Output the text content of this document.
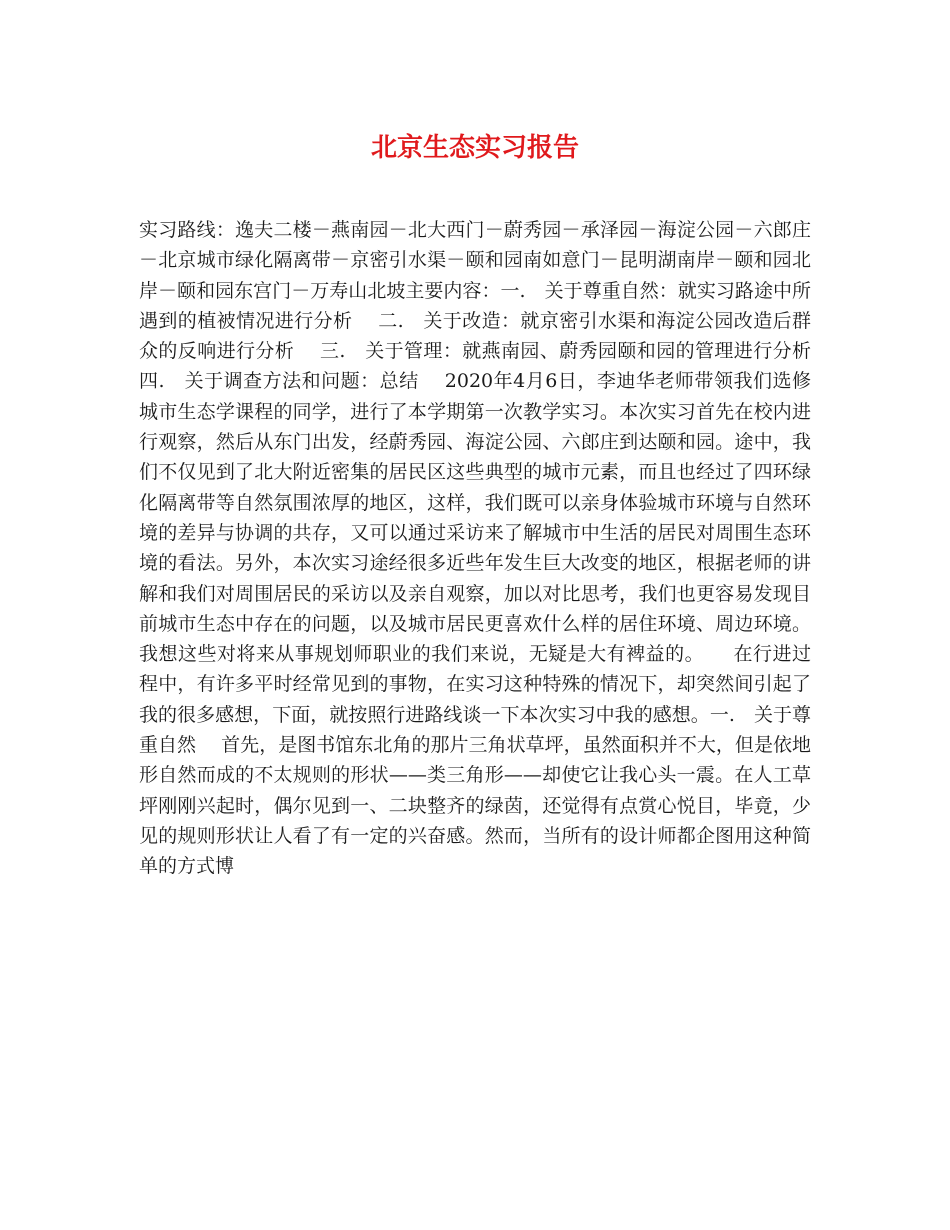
北京生态实习报告

实习路线：逸夫二楼－燕南园－北大西门－蔚秀园－承泽园－海淀公园－六郎庄－北京城市绿化隔离带－京密引水渠－颐和园南如意门－昆明湖南岸－颐和园北岸－颐和园东宫门－万寿山北坡主要内容：一.　关于尊重自然：就实习路途中所遇到的植被情况进行分析　 二.　关于改造：就京密引水渠和海淀公园改造后群众的反响进行分析　 三.　关于管理：就燕南园、蔚秀园颐和园的管理进行分析　 四.　关于调查方法和问题：总结　 2020年4月6日，李迪华老师带领我们选修城市生态学课程的同学，进行了本学期第一次教学实习。本次实习首先在校内进行观察，然后从东门出发，经蔚秀园、海淀公园、六郎庄到达颐和园。途中，我们不仅见到了北大附近密集的居民区这些典型的城市元素，而且也经过了四环绿化隔离带等自然氛围浓厚的地区，这样，我们既可以亲身体验城市环境与自然环境的差异与协调的共存，又可以通过采访来了解城市中生活的居民对周围生态环境的看法。另外，本次实习途经很多近些年发生巨大改变的地区，根据老师的讲解和我们对周围居民的采访以及亲自观察，加以对比思考，我们也更容易发现目前城市生态中存在的问题，以及城市居民更喜欢什么样的居住环境、周边环境。我想这些对将来从事规划师职业的我们来说，无疑是大有裨益的。　　在行进过程中，有许多平时经常见到的事物，在实习这种特殊的情况下，却突然间引起了我的很多感想，下面，就按照行进路线谈一下本次实习中我的感想。一.　关于尊重自然　 首先，是图书馆东北角的那片三角状草坪，虽然面积并不大，但是依地形自然而成的不太规则的形状——类三角形——却使它让我心头一震。在人工草坪刚刚兴起时，偶尔见到一、二块整齐的绿茵，还觉得有点赏心悦目，毕竟，少见的规则形状让人看了有一定的兴奋感。然而，当所有的设计师都企图用这种简单的方式博
